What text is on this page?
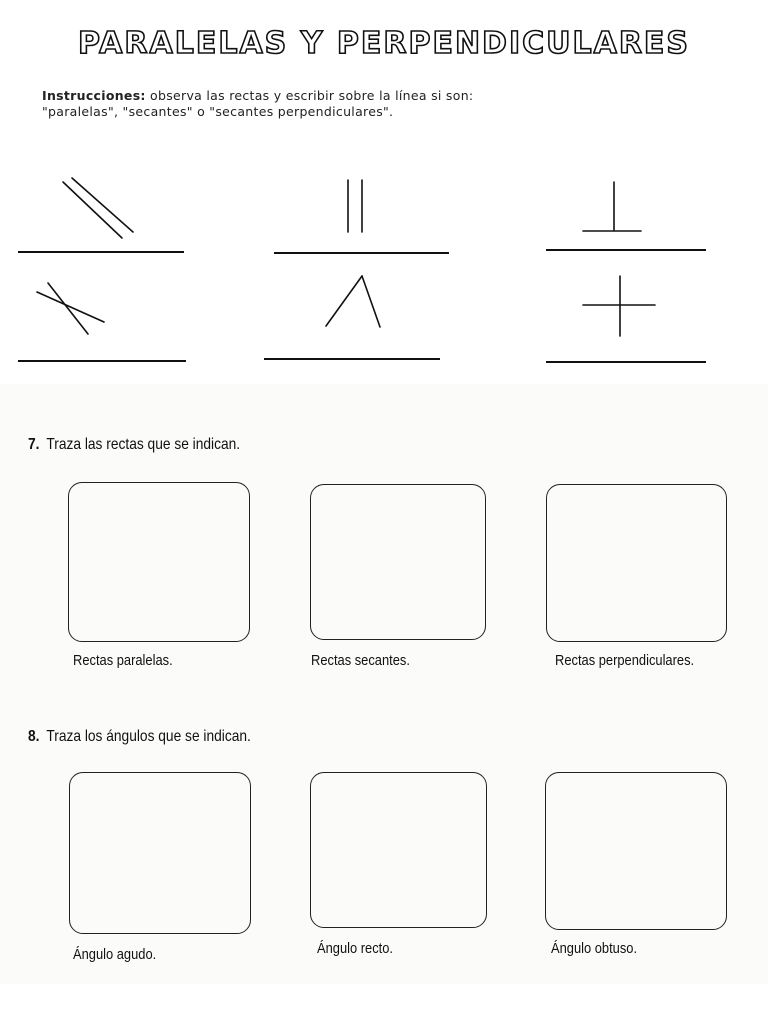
PARALELAS Y PERPENDICULARES
Instrucciones: observa las rectas y escribir sobre la línea si son:
"paralelas", "secantes" o "secantes perpendiculares".
7. Traza las rectas que se indican.
Rectas paralelas.	Rectas secantes.	Rectas perpendiculares.
8. Traza los ángulos que se indican.
Ángulo agudo.	Ángulo recto.	Ángulo obtuso.
